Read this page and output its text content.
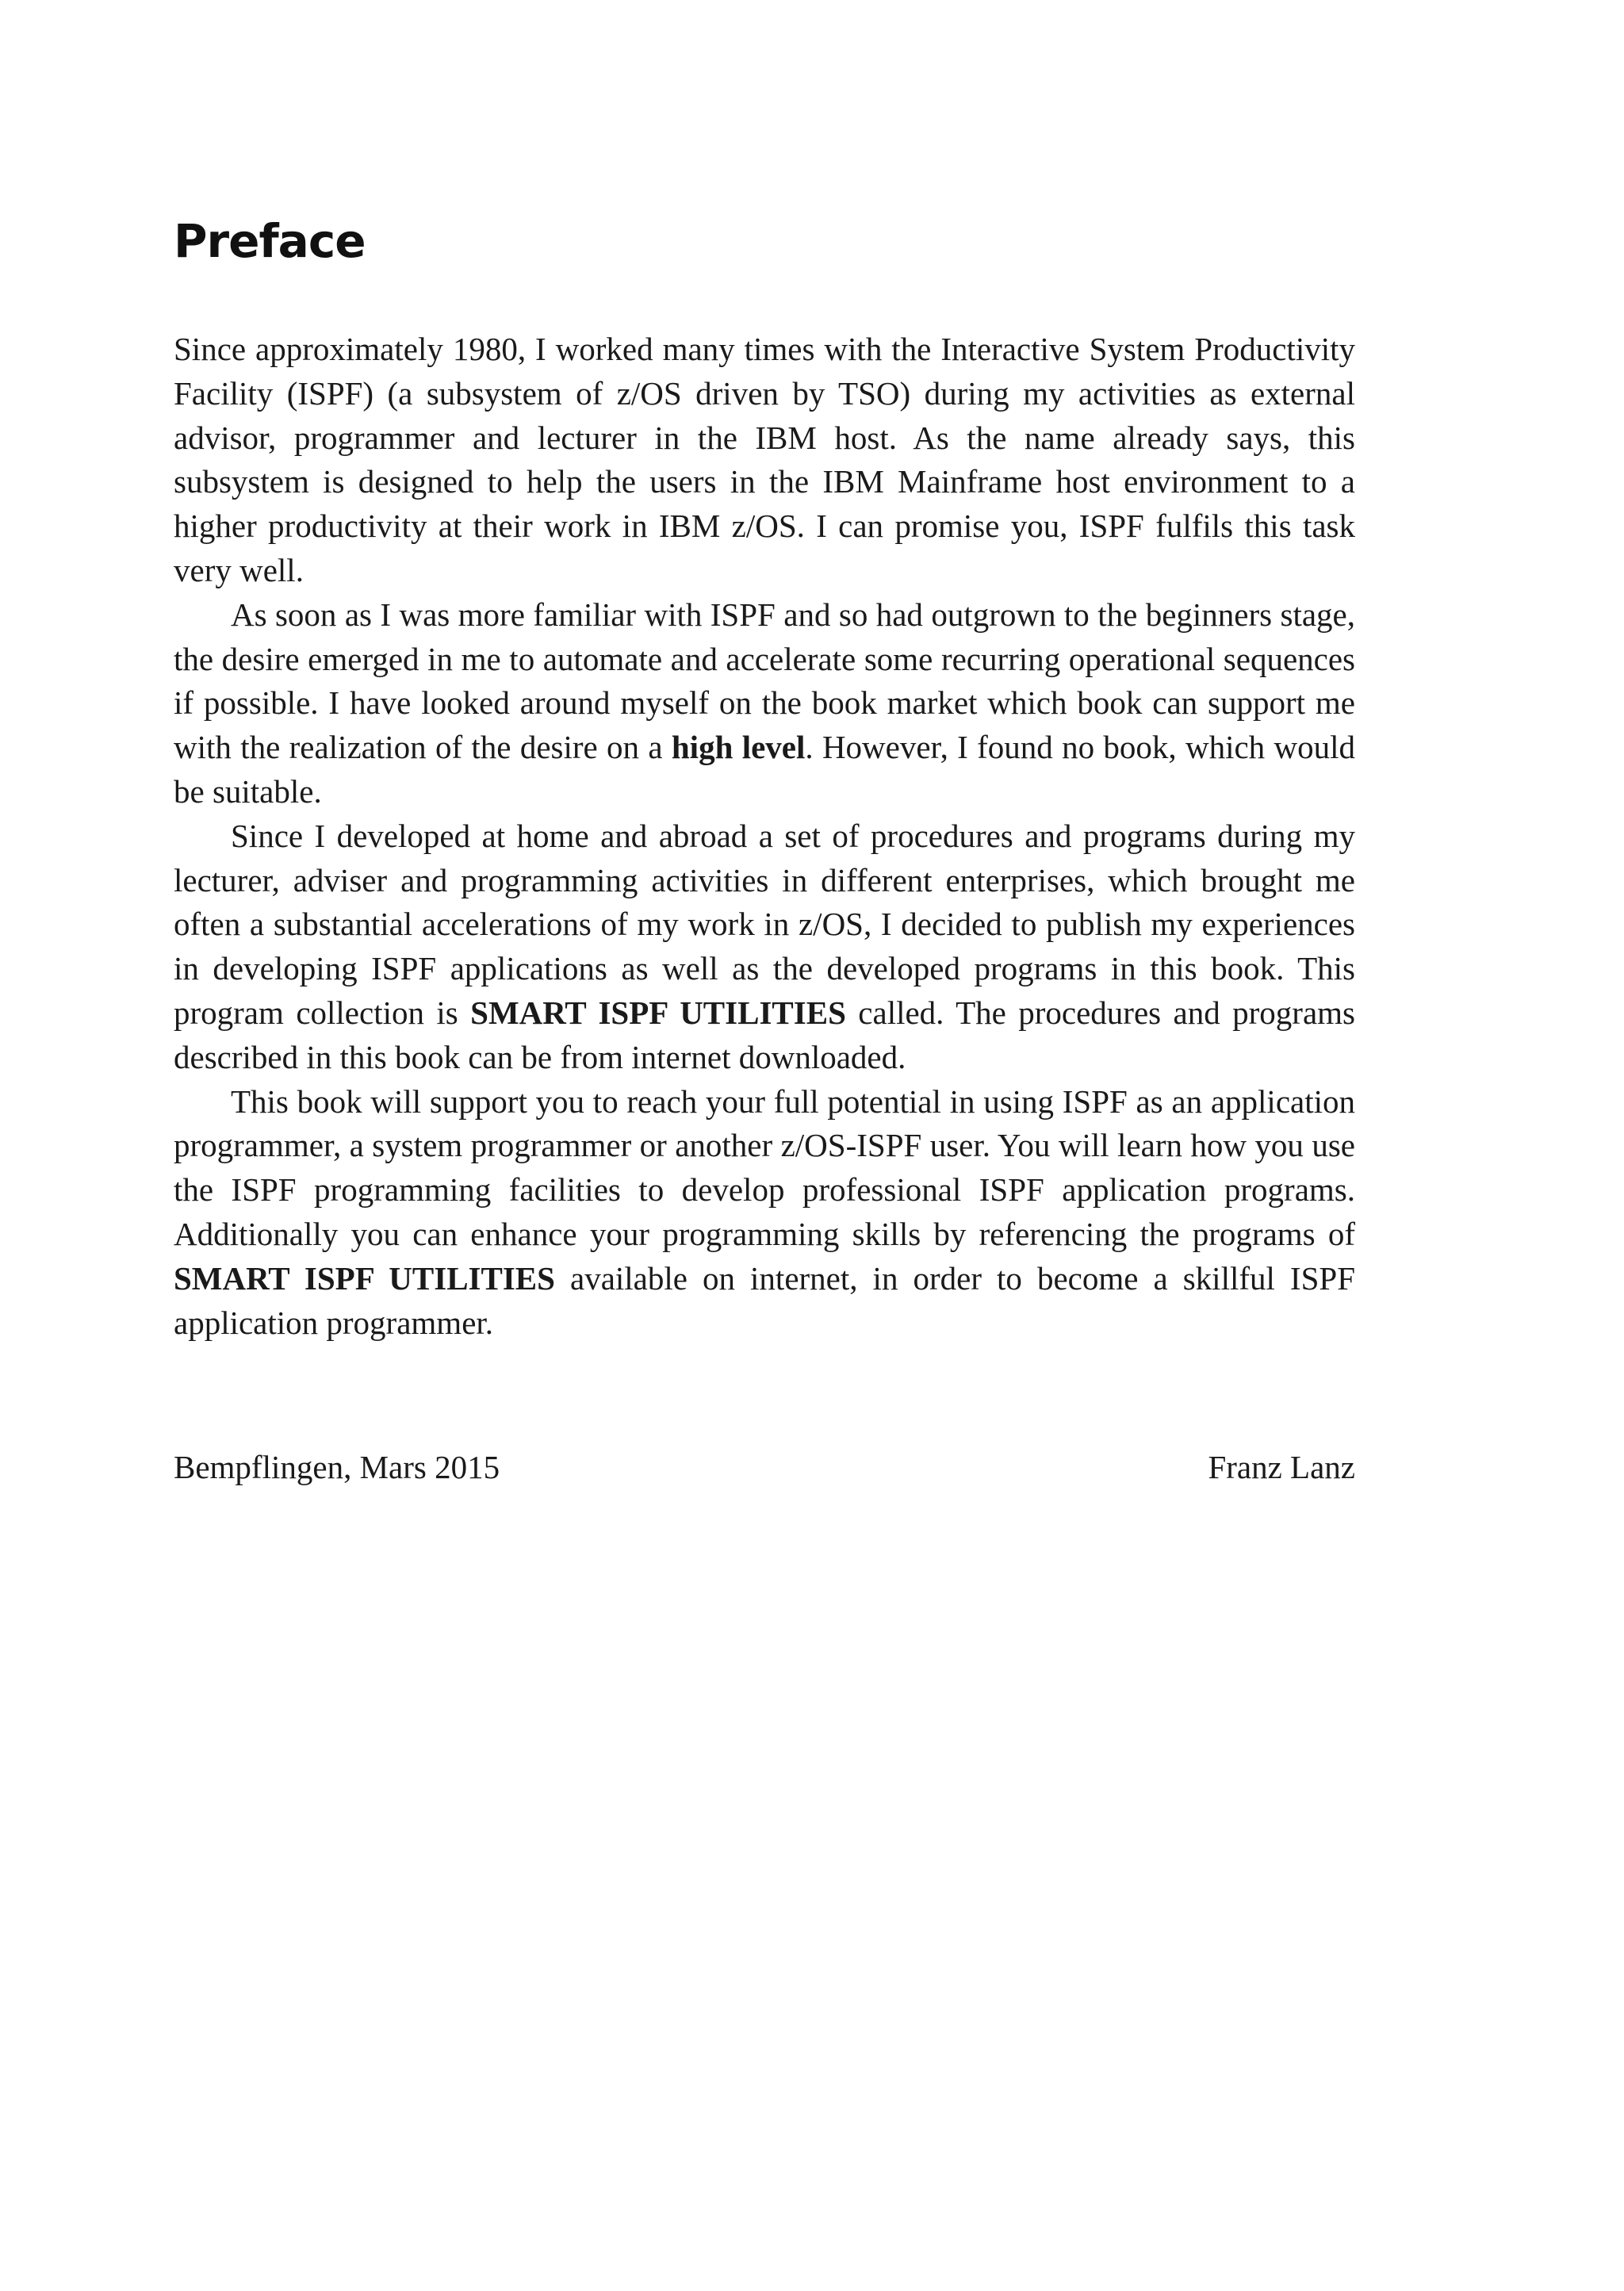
Preface

Since approximately 1980, I worked many times with the Interactive System Productivity Facility (ISPF) (a subsystem of z/OS driven by TSO) during my activities as external advisor, programmer and lecturer in the IBM host. As the name already says, this subsystem is designed to help the users in the IBM Mainframe host environment to a higher productivity at their work in IBM z/OS. I can promise you, ISPF fulfils this task very well.

As soon as I was more familiar with ISPF and so had outgrown to the beginners stage, the desire emerged in me to automate and accelerate some recurring operational sequences if possible. I have looked around myself on the book market which book can support me with the realization of the desire on a high level. However, I found no book, which would be suitable.

Since I developed at home and abroad a set of procedures and programs during my lecturer, adviser and programming activities in different enterprises, which brought me often a substantial accelerations of my work in z/OS, I decided to publish my experiences in developing ISPF applications as well as the developed programs in this book. This program collection is SMART ISPF UTILITIES called. The procedures and programs described in this book can be from internet downloaded.

This book will support you to reach your full potential in using ISPF as an application programmer, a system programmer or another z/OS-ISPF user. You will learn how you use the ISPF programming facilities to develop professional ISPF application programs. Additionally you can enhance your programming skills by referencing the programs of SMART ISPF UTILITIES available on internet, in order to become a skillful ISPF application programmer.

Bempflingen, Mars 2015	Franz Lanz
